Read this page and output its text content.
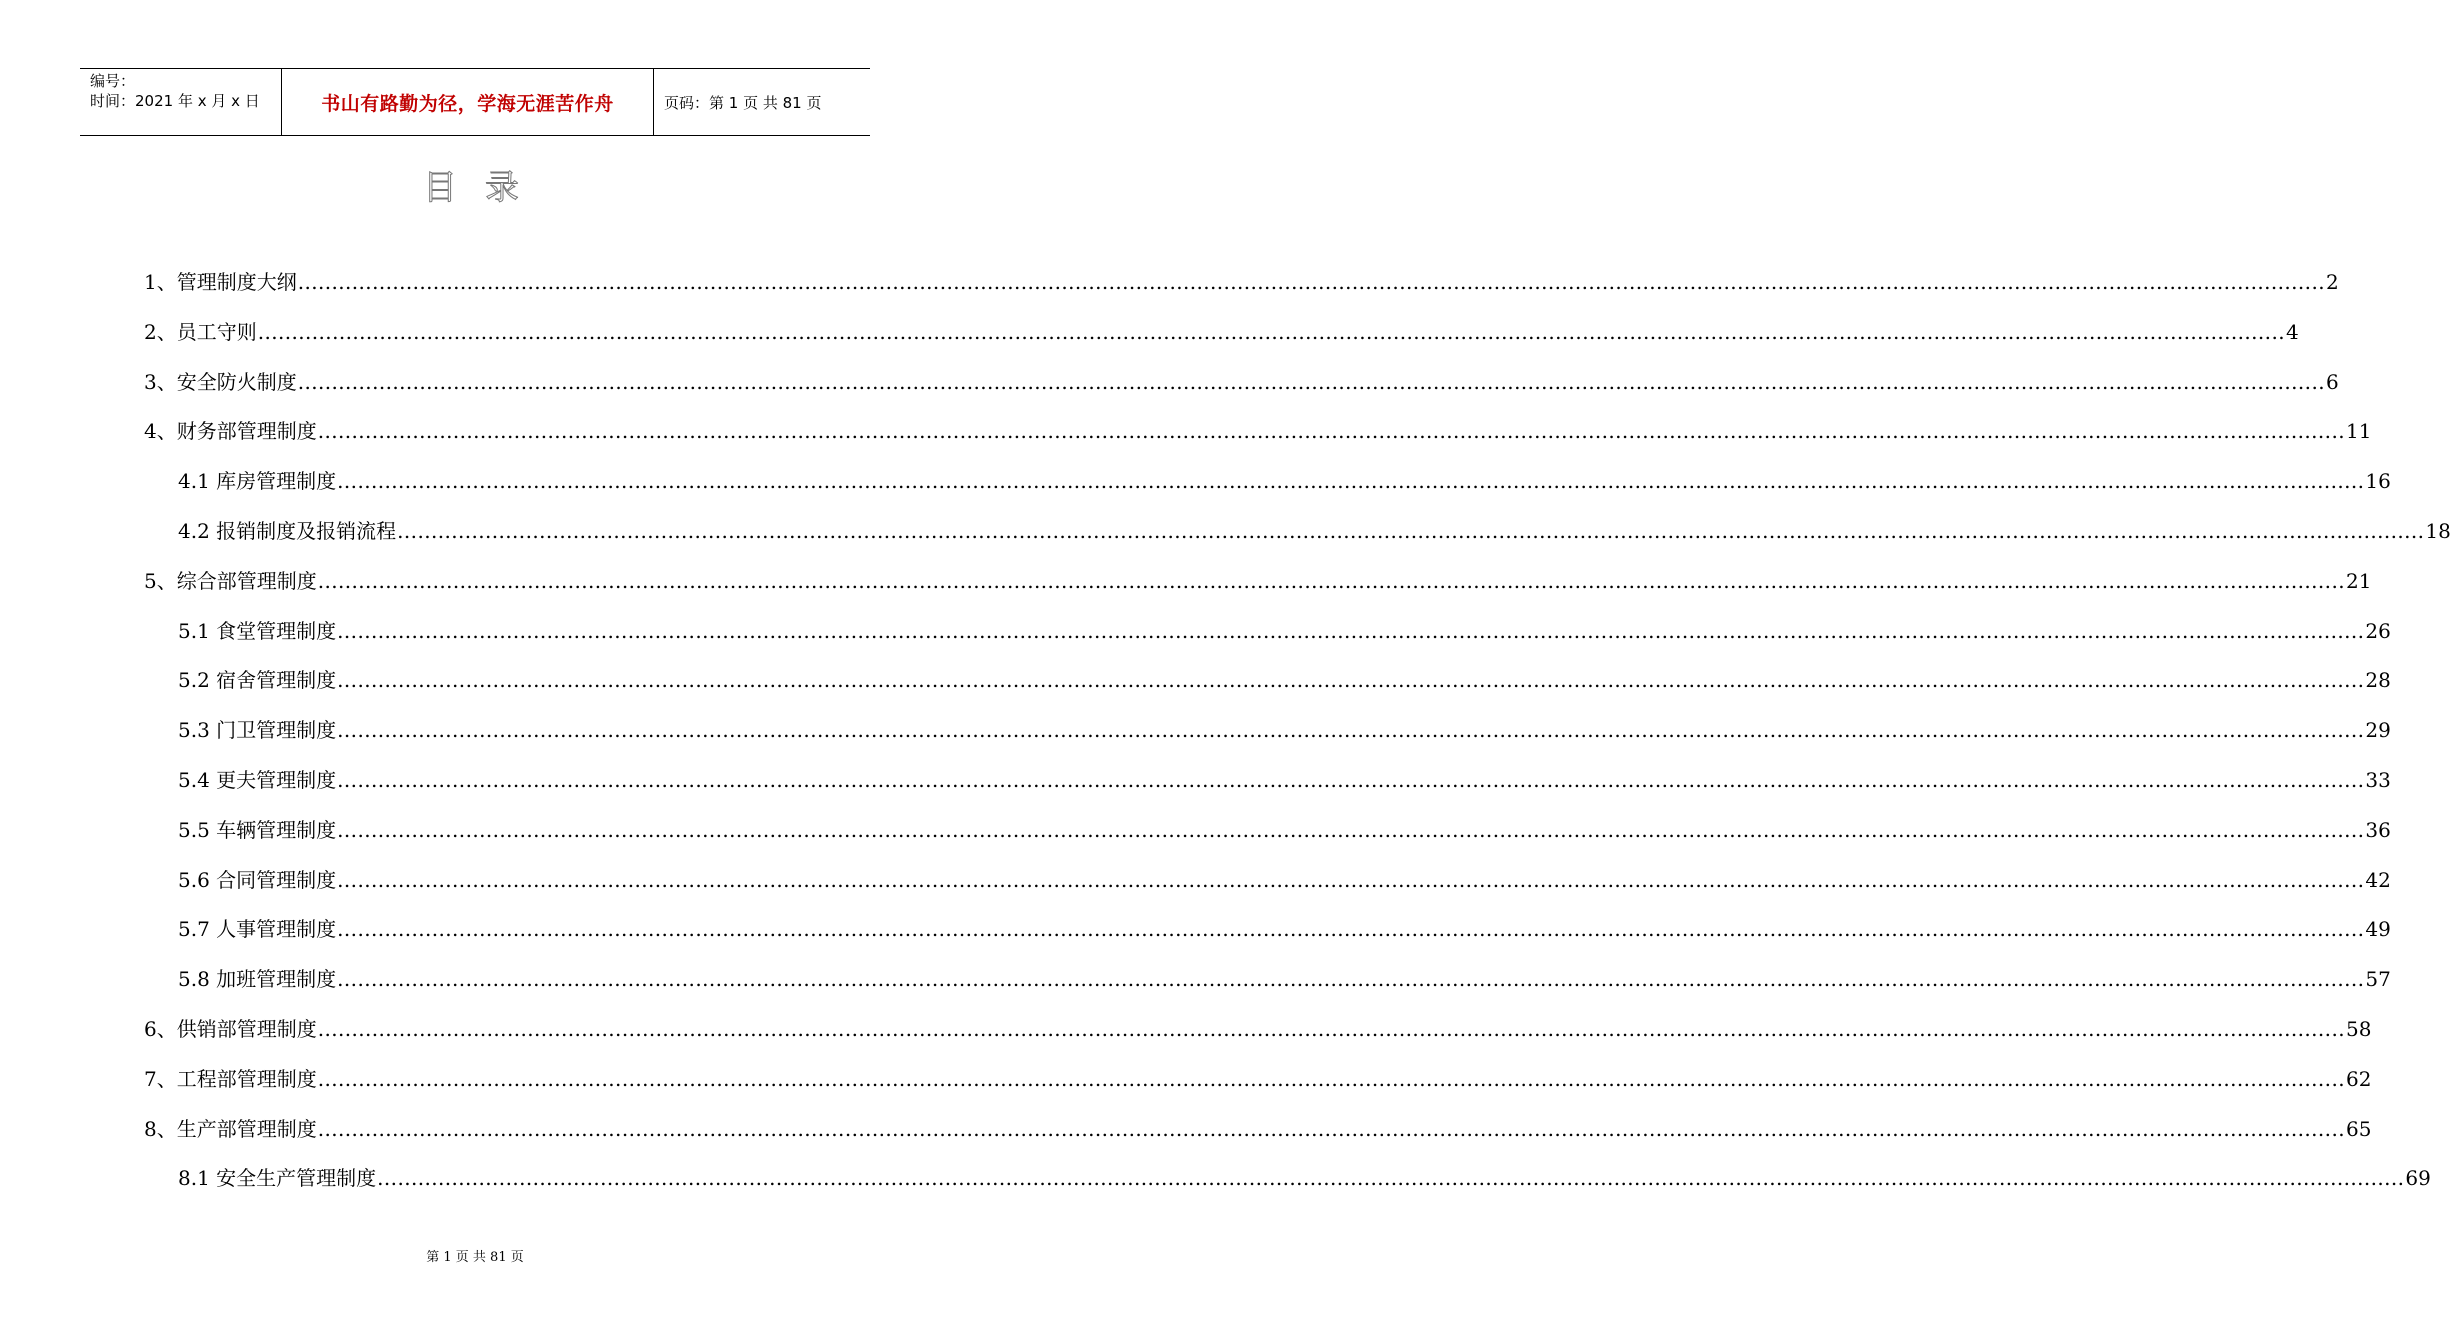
编号：
时间：2021 年 x 月 x 日	书山有路勤为径，学海无涯苦作舟	页码：第 1 页 共 81 页
目录
1、管理制度大纲 ............................................................................................................................................................................................................................................................................................................ 2
2、员工守则 ............................................................................................................................................................................................................................................................................................................ 4
3、安全防火制度 ............................................................................................................................................................................................................................................................................................................ 6
4、财务部管理制度 ............................................................................................................................................................................................................................................................................................................ 11
4.1 库房管理制度 ............................................................................................................................................................................................................................................................................................................ 16
4.2 报销制度及报销流程 ............................................................................................................................................................................................................................................................................................................ 18
5、综合部管理制度 ............................................................................................................................................................................................................................................................................................................ 21
5.1 食堂管理制度 ............................................................................................................................................................................................................................................................................................................ 26
5.2 宿舍管理制度 ............................................................................................................................................................................................................................................................................................................ 28
5.3 门卫管理制度 ............................................................................................................................................................................................................................................................................................................ 29
5.4 更夫管理制度 ............................................................................................................................................................................................................................................................................................................ 33
5.5 车辆管理制度 ............................................................................................................................................................................................................................................................................................................ 36
5.6 合同管理制度 ............................................................................................................................................................................................................................................................................................................ 42
5.7 人事管理制度 ............................................................................................................................................................................................................................................................................................................ 49
5.8 加班管理制度 ............................................................................................................................................................................................................................................................................................................ 57
6、供销部管理制度 ............................................................................................................................................................................................................................................................................................................ 58
7、工程部管理制度 ............................................................................................................................................................................................................................................................................................................ 62
8、生产部管理制度 ............................................................................................................................................................................................................................................................................................................ 65
8.1 安全生产管理制度 ............................................................................................................................................................................................................................................................................................................ 69
第 1 页 共 81 页
